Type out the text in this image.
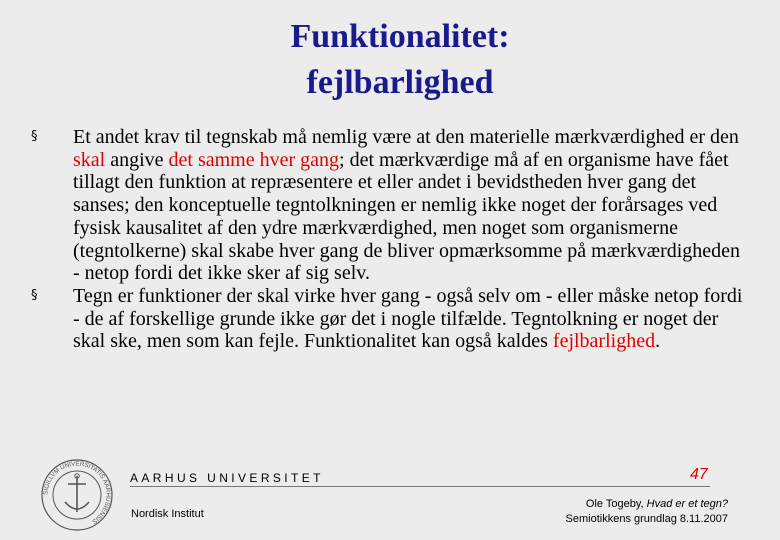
Funktionalitet:
fejlbarlighed
§ Et andet krav til tegnskab må nemlig være at den materielle mærkværdighed er den skal angive det samme hver gang; det mærkværdige må af en organisme have fået tillagt den funktion at repræsentere et eller andet i bevidstheden hver gang det sanses; den konceptuelle tegntolkningen er nemlig ikke noget der forårsages ved fysisk kausalitet af den ydre mærkværdighed, men noget som organismerne (tegntolkerne) skal skabe hver gang de bliver opmærksomme på mærkværdigheden - netop fordi det ikke sker af sig selv.
§ Tegn er funktioner der skal virke hver gang - også selv om - eller måske netop fordi - de af forskellige grunde ikke gør det i nogle tilfælde. Tegntolkning er noget der skal ske, men som kan fejle. Funktionalitet kan også kaldes fejlbarlighed.
SIGILLVM UNIVERSITATIS AARHUSIENSIS
AARHUS UNIVERSITET	47
Nordisk Institut
Ole Togeby, Hvad er et tegn?
Semiotikkens grundlag 8.11.2007
